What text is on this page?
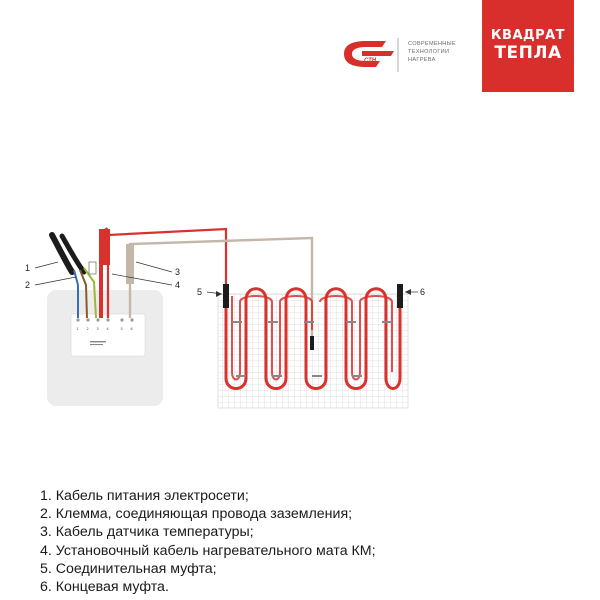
КВАДРАТ
ТЕПЛА
СТН
СОВРЕМЕННЫЕ
ТЕХНОЛОГИИ
НАГРЕВА
1 2 3 4	5 6
1
2
3
4
5	6
1. Кабель питания электросети;
2. Клемма, соединяющая провода заземления;
3. Кабель датчика температуры;
4. Установочный кабель нагревательного мата КМ;
5. Соединительная муфта;
6. Концевая муфта.
